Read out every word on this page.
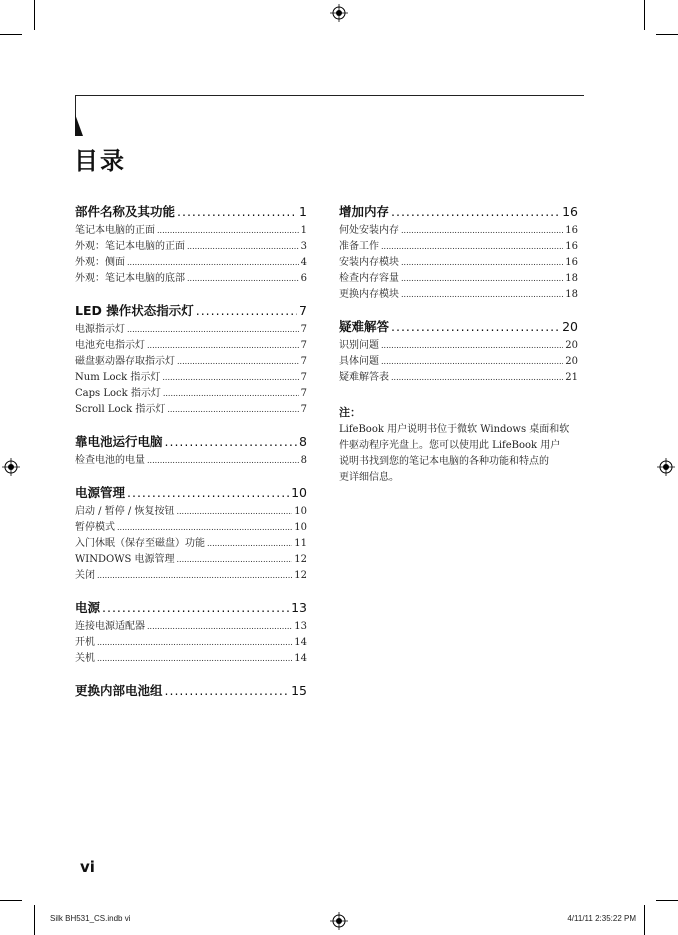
目录
部件名称及其功能 .....	1
笔记本电脑的正面 .....	1
外观：笔记本电脑的正面 .....	3
外观：侧面 .....	4
外观：笔记本电脑的底部 .....	6
LED 操作状态指示灯 .....	7
电源指示灯 .....	7
电池充电指示灯 .....	7
磁盘驱动器存取指示灯 .....	7
Num Lock 指示灯 .....	7
Caps Lock 指示灯 .....	7
Scroll Lock 指示灯 .....	7
靠电池运行电脑 .....	8
检查电池的电量 .....	8
电源管理 .....	10
启动 / 暂停 / 恢复按钮 .....	10
暂停模式 .....	10
入门休眠（保存至磁盘）功能 .....	11
WINDOWS 电源管理 .....	12
关闭 .....	12
电源 .....	13
连接电源适配器 .....	13
开机 .....	14
关机 .....	14
更换内部电池组 .....	15
增加内存 .....	16
何处安装内存 .....	16
准备工作 .....	16
安装内存模块 .....	16
检查内存容量 .....	18
更换内存模块 .....	18
疑难解答 .....	20
识别问题 .....	20
具体问题 .....	20
疑难解答表 .....	21
注：
LifeBook 用户说明书位于微软 Windows 桌面和软
件驱动程序光盘上。您可以使用此 LifeBook 用户
说明书找到您的笔记本电脑的各种功能和特点的
更详细信息。
vi
Silk BH531_CS.indb vi	4/11/11 2:35:22 PM
